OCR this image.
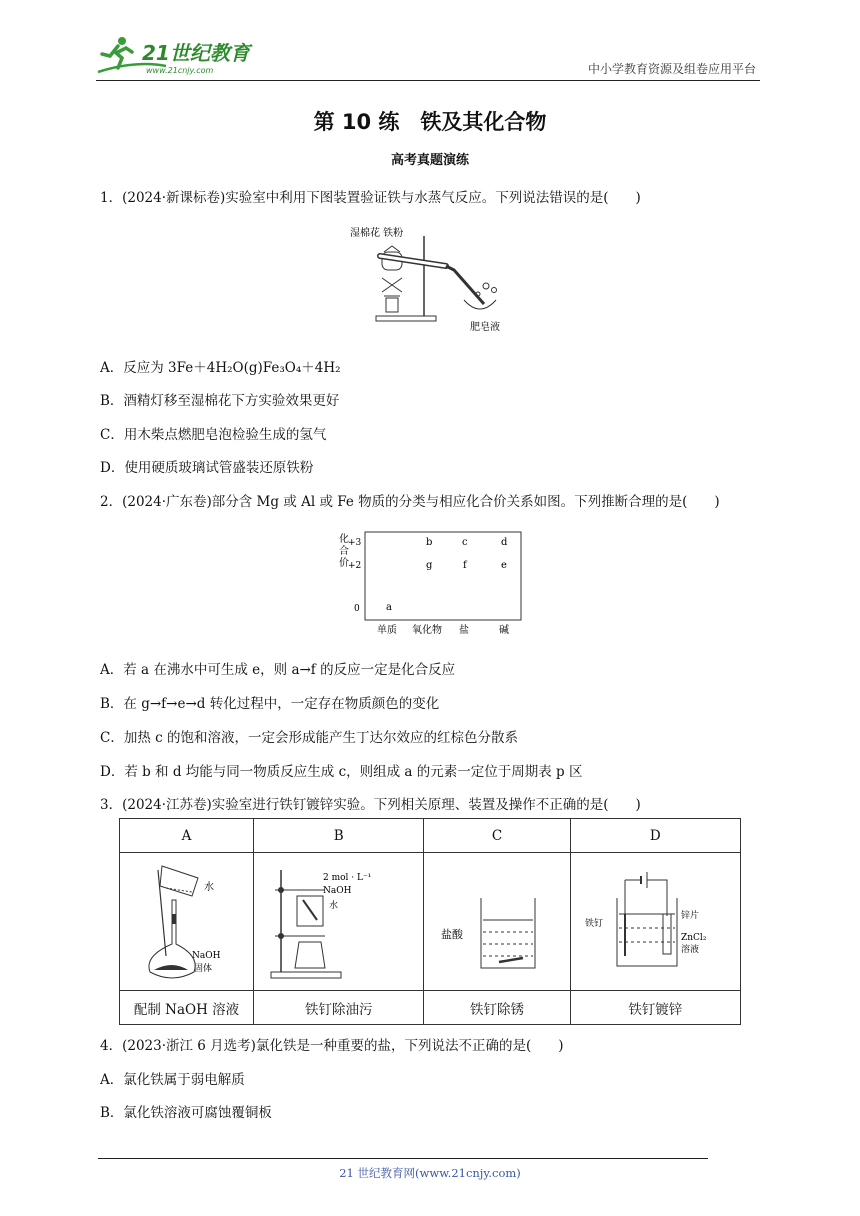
21世纪教育
www.21cnjy.com	中小学教育资源及组卷应用平台
第 10 练　铁及其化合物
高考真题演练
1．(2024·新课标卷)实验室中利用下图装置验证铁与水蒸气反应。下列说法错误的是(　　)
湿棉花 铁粉
肥皂液
A．反应为 3Fe＋4H₂O(g)Fe₃O₄＋4H₂
B．酒精灯移至湿棉花下方实验效果更好
C．用木柴点燃肥皂泡检验生成的氢气
D．使用硬质玻璃试管盛装还原铁粉
2．(2024·广东卷)部分含 Mg 或 Al 或 Fe 物质的分类与相应化合价关系如图。下列推断合理的是(　　)
化
合
价
+3
+2
0
b	c	d
g	f	e
a
单质 氧化物 盐	碱
A．若 a 在沸水中可生成 e，则 a→f 的反应一定是化合反应
B．在 g→f→e→d 转化过程中，一定存在物质颜色的变化
C．加热 c 的饱和溶液，一定会形成能产生丁达尔效应的红棕色分散系
D．若 b 和 d 均能与同一物质反应生成 c，则组成 a 的元素一定位于周期表 p 区
3．(2024·江苏卷)实验室进行铁钉镀锌实验。下列相关原理、装置及操作不正确的是(　　)
A	B	C	D

水
NaOH
固体	2 mol · L⁻¹
NaOH
水	盐酸	锌片
铁钉
ZnCl₂
溶液

配制 NaOH 溶液	铁钉除油污	铁钉除锈	铁钉镀锌
4．(2023·浙江 6 月选考)氯化铁是一种重要的盐，下列说法不正确的是(　　)
A．氯化铁属于弱电解质
B．氯化铁溶液可腐蚀覆铜板
21 世纪教育网(www.21cnjy.com)
